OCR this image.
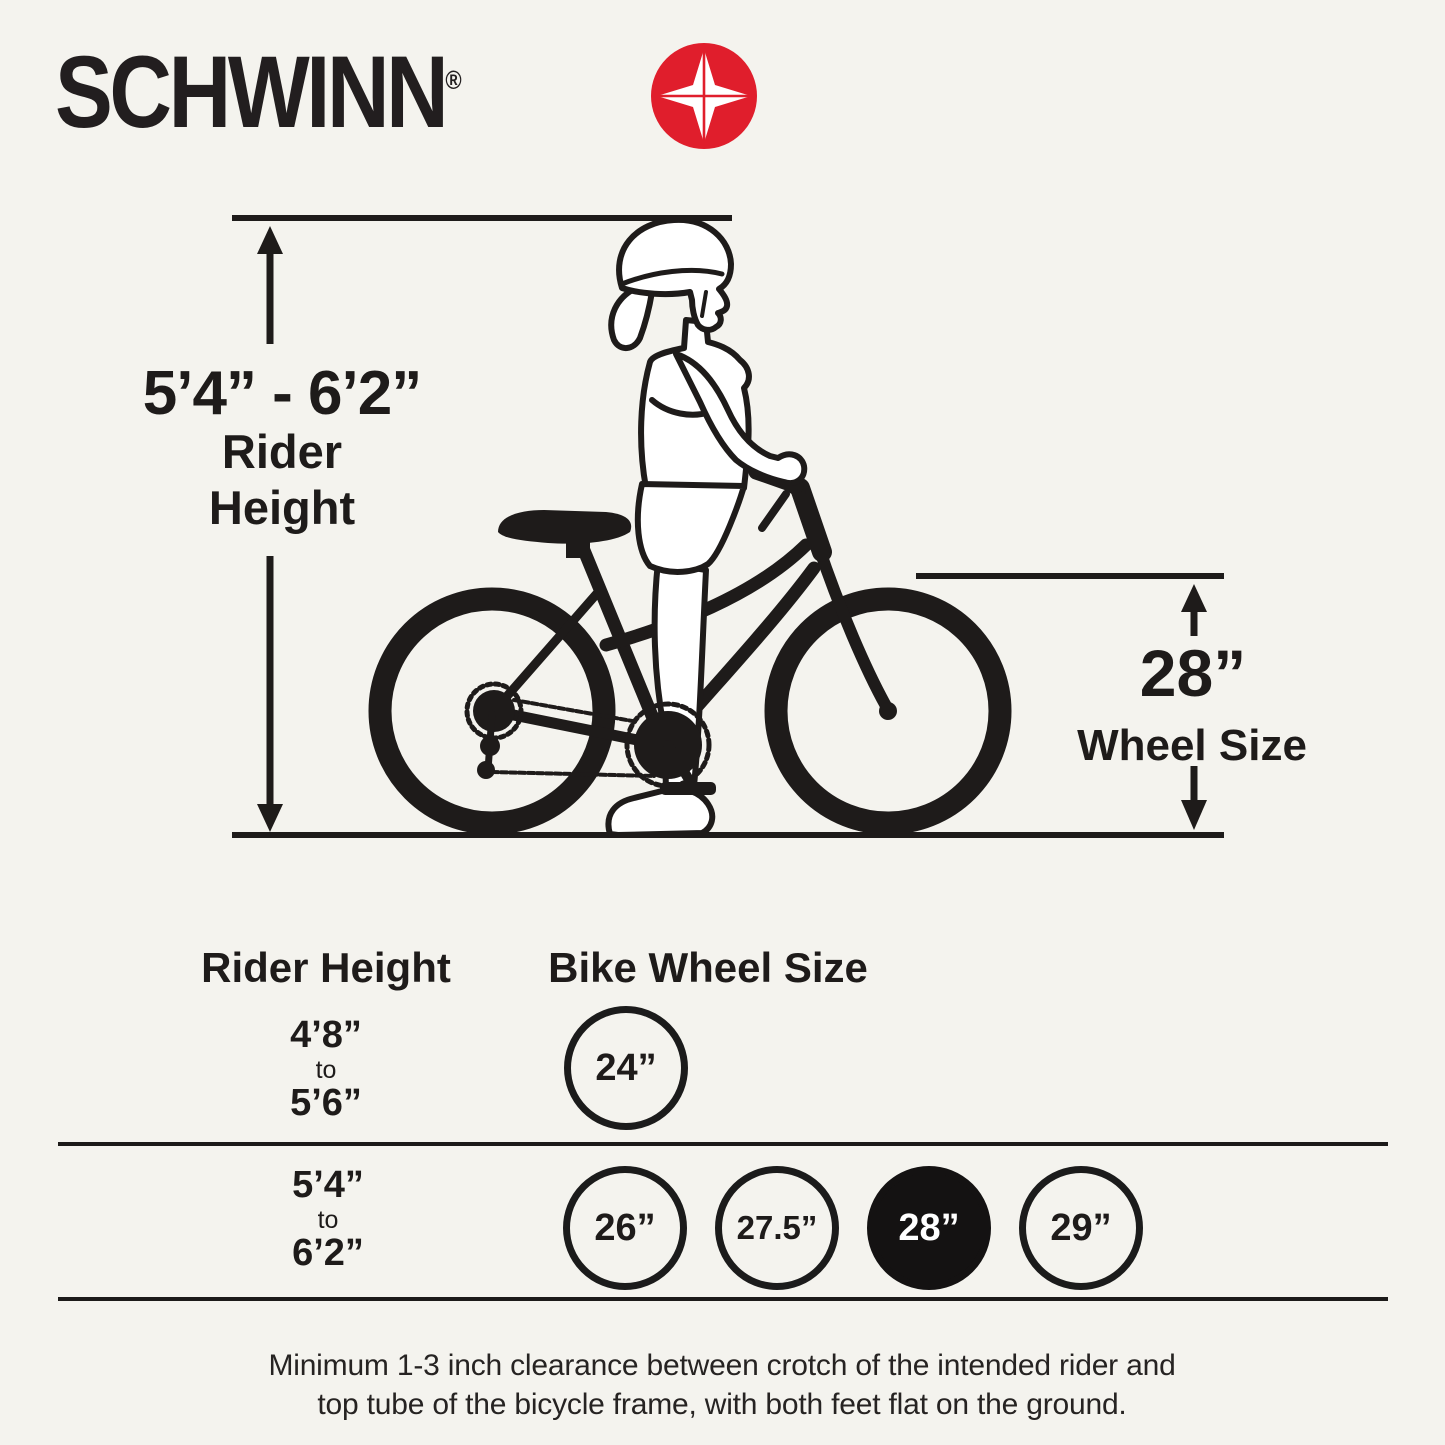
SCHWINN®
5’4” - 6’2”
Rider
Height
28”
Wheel Size
Rider Height Bike Wheel Size
4’8”
to
5’6”
24”
5’4”
to
6’2”
26” 27.5” 28” 29”
Minimum 1-3 inch clearance between crotch of the intended rider and
top tube of the bicycle frame, with both feet flat on the ground.
